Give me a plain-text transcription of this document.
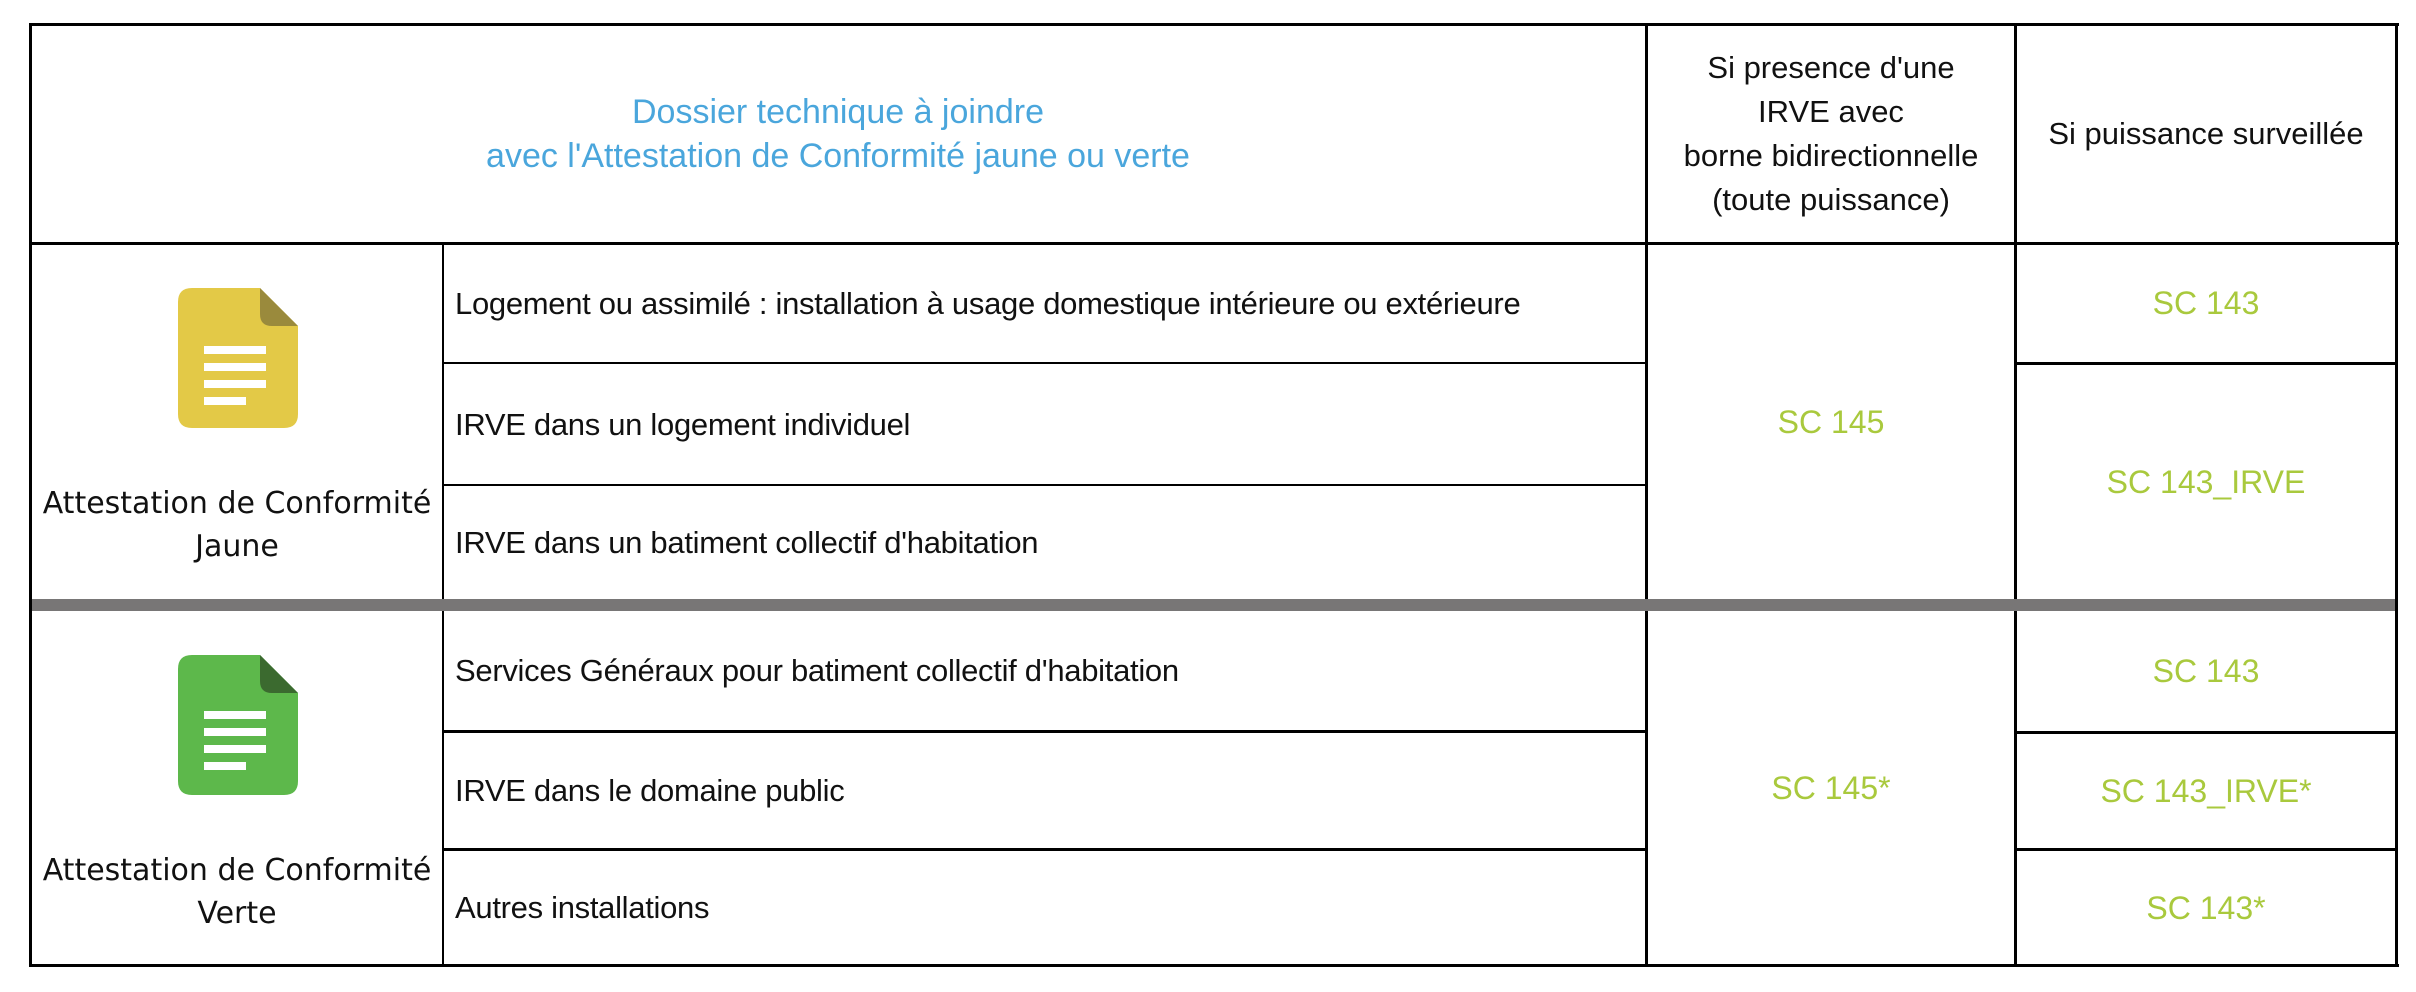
Dossier technique à joindre
avec l'Attestation de Conformité jaune ou verte
Si presence d'une
IRVE avec
borne bidirectionnelle
(toute puissance)
Si puissance surveillée
Attestation de Conformité
Jaune
Logement ou assimilé : installation à usage domestique intérieure ou extérieure
IRVE dans un logement individuel
IRVE dans un batiment collectif d'habitation
SC 145
SC 143
SC 143_IRVE
Attestation de Conformité
Verte
Services Généraux pour batiment collectif d'habitation
IRVE dans le domaine public
Autres installations
SC 145*
SC 143
SC 143_IRVE*
SC 143*
